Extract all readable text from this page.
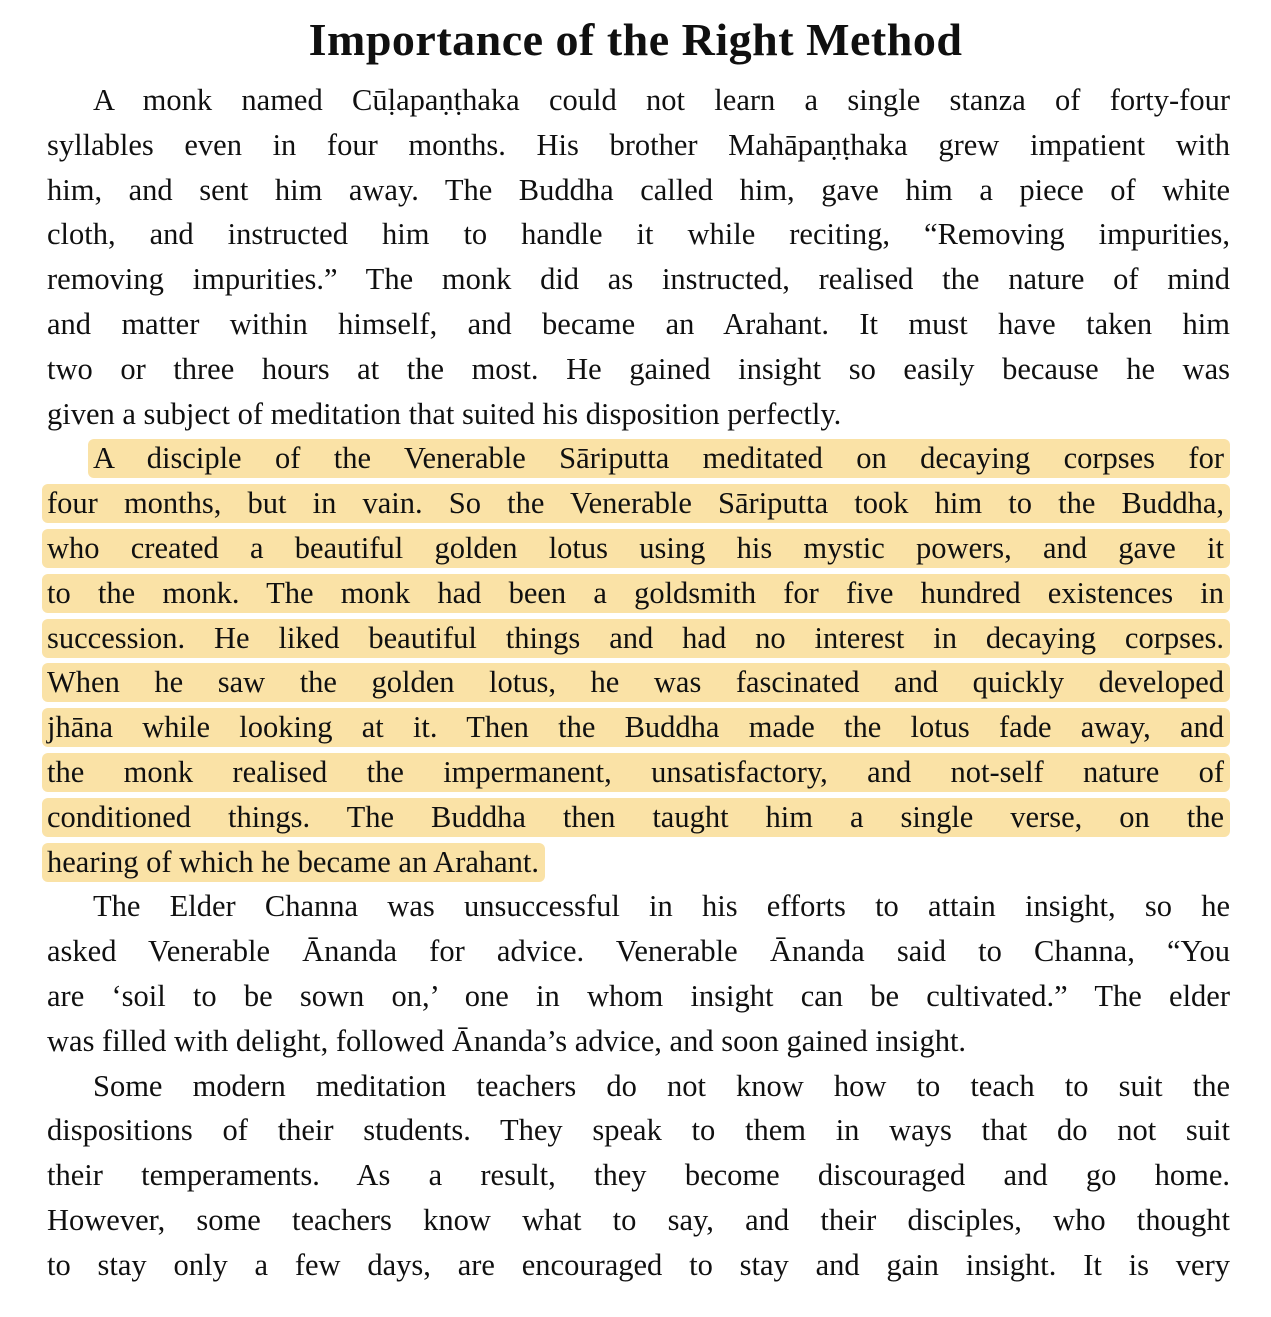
Importance of the Right Method
A monk named Cūḷapaṇṭhaka could not learn a single stanza of forty-four
syllables even in four months. His brother Mahāpaṇṭhaka grew impatient with
him, and sent him away. The Buddha called him, gave him a piece of white
cloth, and instructed him to handle it while reciting, “Removing impurities,
removing impurities.” The monk did as instructed, realised the nature of mind
and matter within himself, and became an Arahant. It must have taken him
two or three hours at the most. He gained insight so easily because he was
given a subject of meditation that suited his disposition perfectly.
A disciple of the Venerable Sāriputta meditated on decaying corpses for
four months, but in vain. So the Venerable Sāriputta took him to the Buddha,
who created a beautiful golden lotus using his mystic powers, and gave it
to the monk. The monk had been a goldsmith for five hundred existences in
succession. He liked beautiful things and had no interest in decaying corpses.
When he saw the golden lotus, he was fascinated and quickly developed
jhāna while looking at it. Then the Buddha made the lotus fade away, and
the monk realised the impermanent, unsatisfactory, and not-self nature of
conditioned things. The Buddha then taught him a single verse, on the
hearing of which he became an Arahant.
The Elder Channa was unsuccessful in his efforts to attain insight, so he
asked Venerable Ānanda for advice. Venerable Ānanda said to Channa, “You
are ‘soil to be sown on,’ one in whom insight can be cultivated.” The elder
was filled with delight, followed Ānanda’s advice, and soon gained insight.
Some modern meditation teachers do not know how to teach to suit the
dispositions of their students. They speak to them in ways that do not suit
their temperaments. As a result, they become discouraged and go home.
However, some teachers know what to say, and their disciples, who thought
to stay only a few days, are encouraged to stay and gain insight. It is very
